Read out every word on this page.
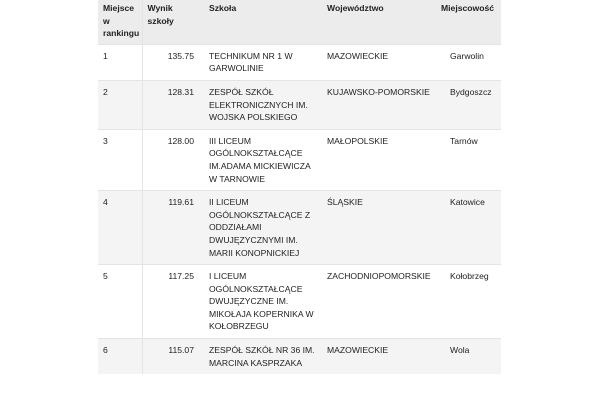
Miejsce w rankingu	Wynik szkoły	Szkoła	Województwo	Miejscowość
1	135.75	TECHNIKUM NR 1 W GARWOLINIE	MAZOWIECKIE	Garwolin
2	128.31	ZESPÓŁ SZKÓŁ ELEKTRONICZNYCH IM. WOJSKA POLSKIEGO	KUJAWSKO-POMORSKIE	Bydgoszcz
3	128.00	III LICEUM OGÓLNOKSZTAŁCĄCE IM.ADAMA MICKIEWICZA W TARNOWIE	MAŁOPOLSKIE	Tarnów
4	119.61	II LICEUM OGÓLNOKSZTAŁCĄCE Z ODDZIAŁAMI DWUJĘZYCZNYMI IM. MARII KONOPNICKIEJ	ŚLĄSKIE	Katowice
5	117.25	I LICEUM OGÓLNOKSZTAŁCĄCE DWUJĘZYCZNE IM. MIKOŁAJA KOPERNIKA W KOŁOBRZEGU	ZACHODNIOPOMORSKIE	Kołobrzeg
6	115.07	ZESPÓŁ SZKÓŁ NR 36 IM. MARCINA KASPRZAKA	MAZOWIECKIE	Wola
